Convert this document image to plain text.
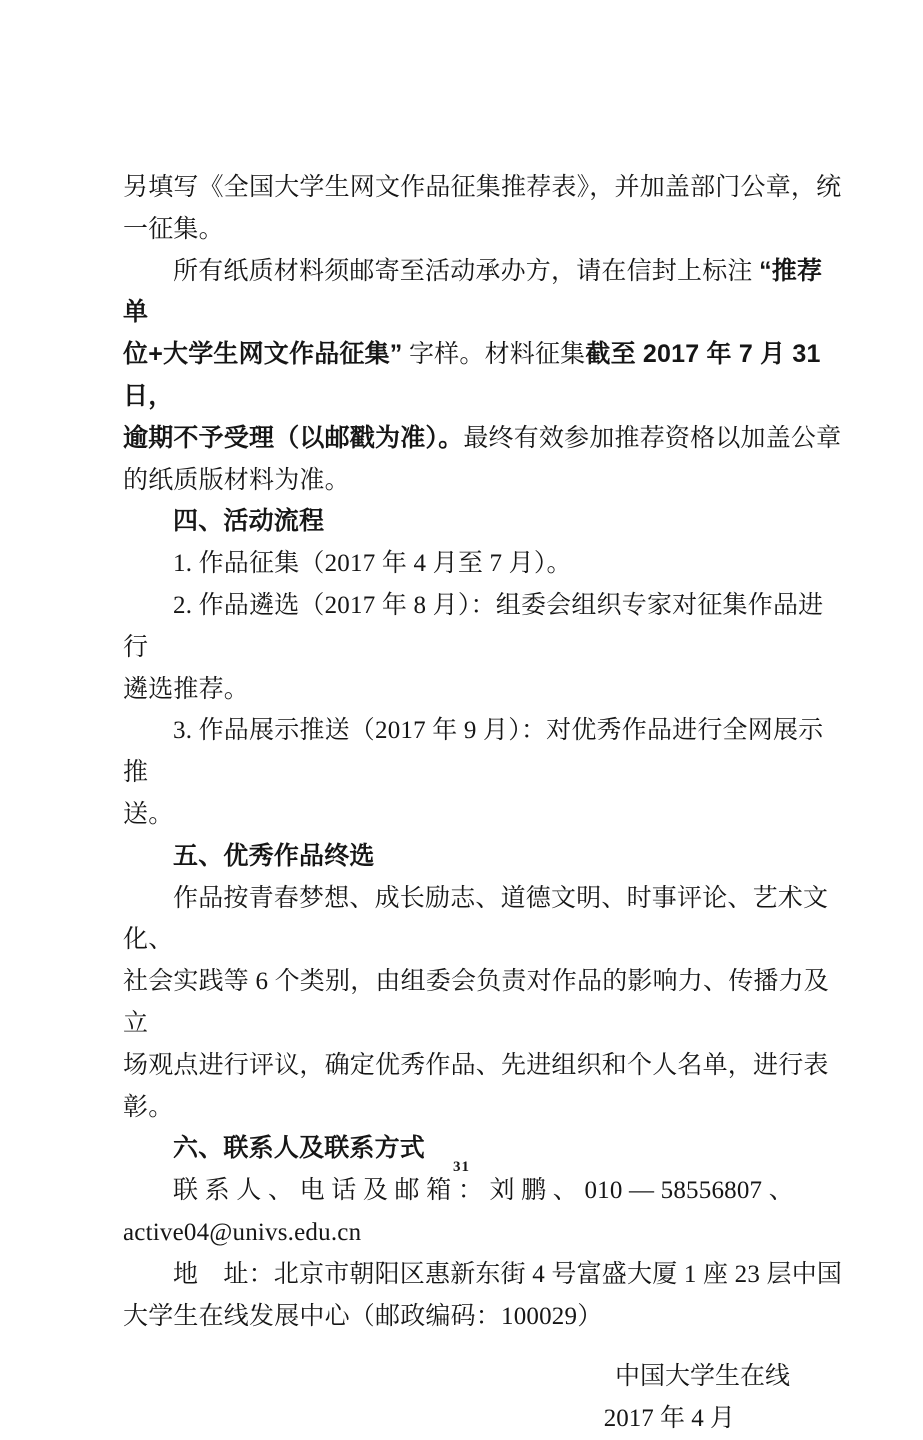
另填写《全国大学生网文作品征集推荐表》，并加盖部门公章，统
一征集。
所有纸质材料须邮寄至活动承办方，请在信封上标注 “推荐单
位+大学生网文作品征集” 字样。材料征集截至 2017 年 7 月 31 日，
逾期不予受理（以邮戳为准）。最终有效参加推荐资格以加盖公章
的纸质版材料为准。
四、活动流程
1. 作品征集（2017 年 4 月至 7 月）。
2. 作品遴选（2017 年 8 月）：组委会组织专家对征集作品进行
遴选推荐。
3. 作品展示推送（2017 年 9 月）：对优秀作品进行全网展示推
送。
五、优秀作品终选
作品按青春梦想、成长励志、道德文明、时事评论、艺术文化、
社会实践等 6 个类别，由组委会负责对作品的影响力、传播力及立
场观点进行评议，确定优秀作品、先进组织和个人名单，进行表彰。
六、联系人及联系方式
联 系 人 、 电 话 及 邮 箱 ： 刘 鹏 、 010 — 58556807 、
active04@univs.edu.cn
地　址：北京市朝阳区惠新东街 4 号富盛大厦 1 座 23 层中国
大学生在线发展中心（邮政编码：100029）
中国大学生在线
2017 年 4 月
31
